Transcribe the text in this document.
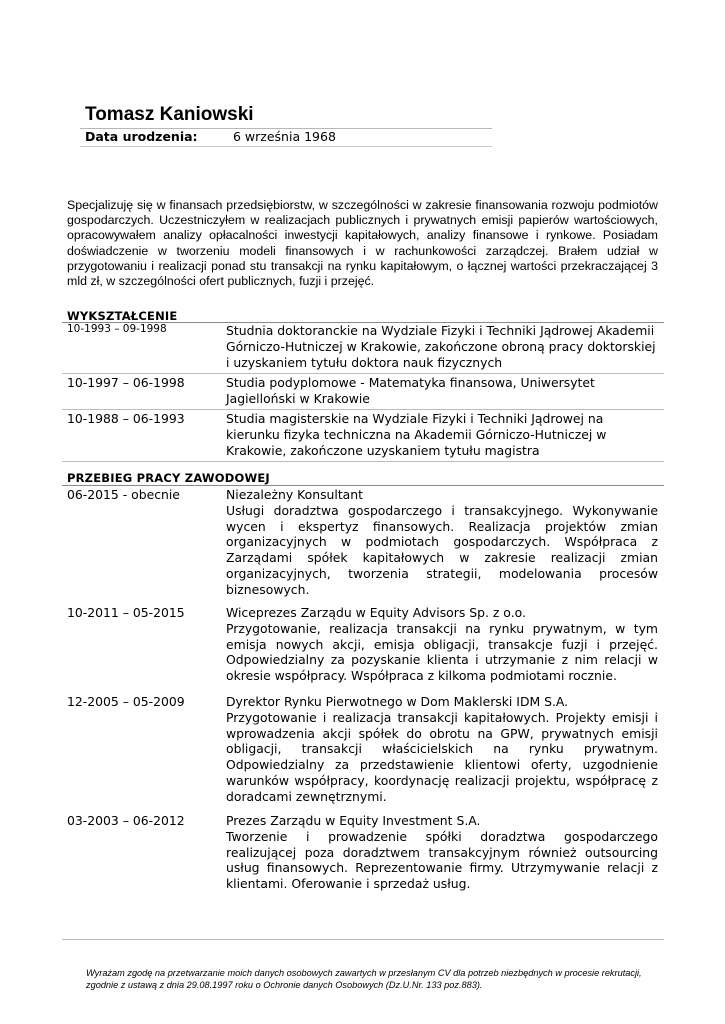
Tomasz Kaniowski
Data urodzenia:	6 września 1968
Specjalizuję się w finansach przedsiębiorstw, w szczególności w zakresie finansowania rozwoju podmiotów gospodarczych. Uczestniczyłem w realizacjach publicznych i prywatnych emisji papierów wartościowych, opracowywałem analizy opłacalności inwestycji kapitałowych, analizy finansowe i rynkowe. Posiadam doświadczenie w tworzeniu modeli finansowych i w rachunkowości zarządczej. Brałem udział w przygotowaniu i realizacji ponad stu transakcji na rynku kapitałowym, o łącznej wartości przekraczającej 3 mld zł, w szczególności ofert publicznych, fuzji i przejęć.
WYKSZTAŁCENIE
10-1993 – 09-1998	Studnia doktoranckie na Wydziale Fizyki i Techniki Jądrowej Akademii Górniczo-Hutniczej w Krakowie, zakończone obroną pracy doktorskiej i uzyskaniem tytułu doktora nauk fizycznych
10-1997 – 06-1998	Studia podyplomowe - Matematyka finansowa, Uniwersytet Jagielloński w Krakowie
10-1988 – 06-1993	Studia magisterskie na Wydziale Fizyki i Techniki Jądrowej na kierunku fizyka techniczna na Akademii Górniczo-Hutniczej w Krakowie, zakończone uzyskaniem tytułu magistra
PRZEBIEG PRACY ZAWODOWEJ
06-2015 - obecnie	Niezależny Konsultant
Usługi doradztwa gospodarczego i transakcyjnego. Wykonywanie wycen i ekspertyz finansowych. Realizacja projektów zmian organizacyjnych w podmiotach gospodarczych. Współpraca z Zarządami spółek kapitałowych w zakresie realizacji zmian organizacyjnych, tworzenia strategii, modelowania procesów biznesowych.
10-2011 – 05-2015	Wiceprezes Zarządu w Equity Advisors Sp. z o.o.
Przygotowanie, realizacja transakcji na rynku prywatnym, w tym emisja nowych akcji, emisja obligacji, transakcje fuzji i przejęć. Odpowiedzialny za pozyskanie klienta i utrzymanie z nim relacji w okresie współpracy. Współpraca z kilkoma podmiotami rocznie.
12-2005 – 05-2009	Dyrektor Rynku Pierwotnego w Dom Maklerski IDM S.A.
Przygotowanie i realizacja transakcji kapitałowych. Projekty emisji i wprowadzenia akcji spółek do obrotu na GPW, prywatnych emisji obligacji, transakcji właścicielskich na rynku prywatnym. Odpowiedzialny za przedstawienie klientowi oferty, uzgodnienie warunków współpracy, koordynację realizacji projektu, współpracę z doradcami zewnętrznymi.
03-2003 – 06-2012	Prezes Zarządu w Equity Investment S.A.
Tworzenie i prowadzenie spółki doradztwa gospodarczego realizującej poza doradztwem transakcyjnym również outsourcing usług finansowych. Reprezentowanie firmy. Utrzymywanie relacji z klientami. Oferowanie i sprzedaż usług.
Wyrażam zgodę na przetwarzanie moich danych osobowych zawartych w przesłanym CV dla potrzeb niezbędnych w procesie rekrutacji, zgodnie z ustawą z dnia 29.08.1997 roku o Ochronie danych Osobowych (Dz.U.Nr. 133 poz.883).
